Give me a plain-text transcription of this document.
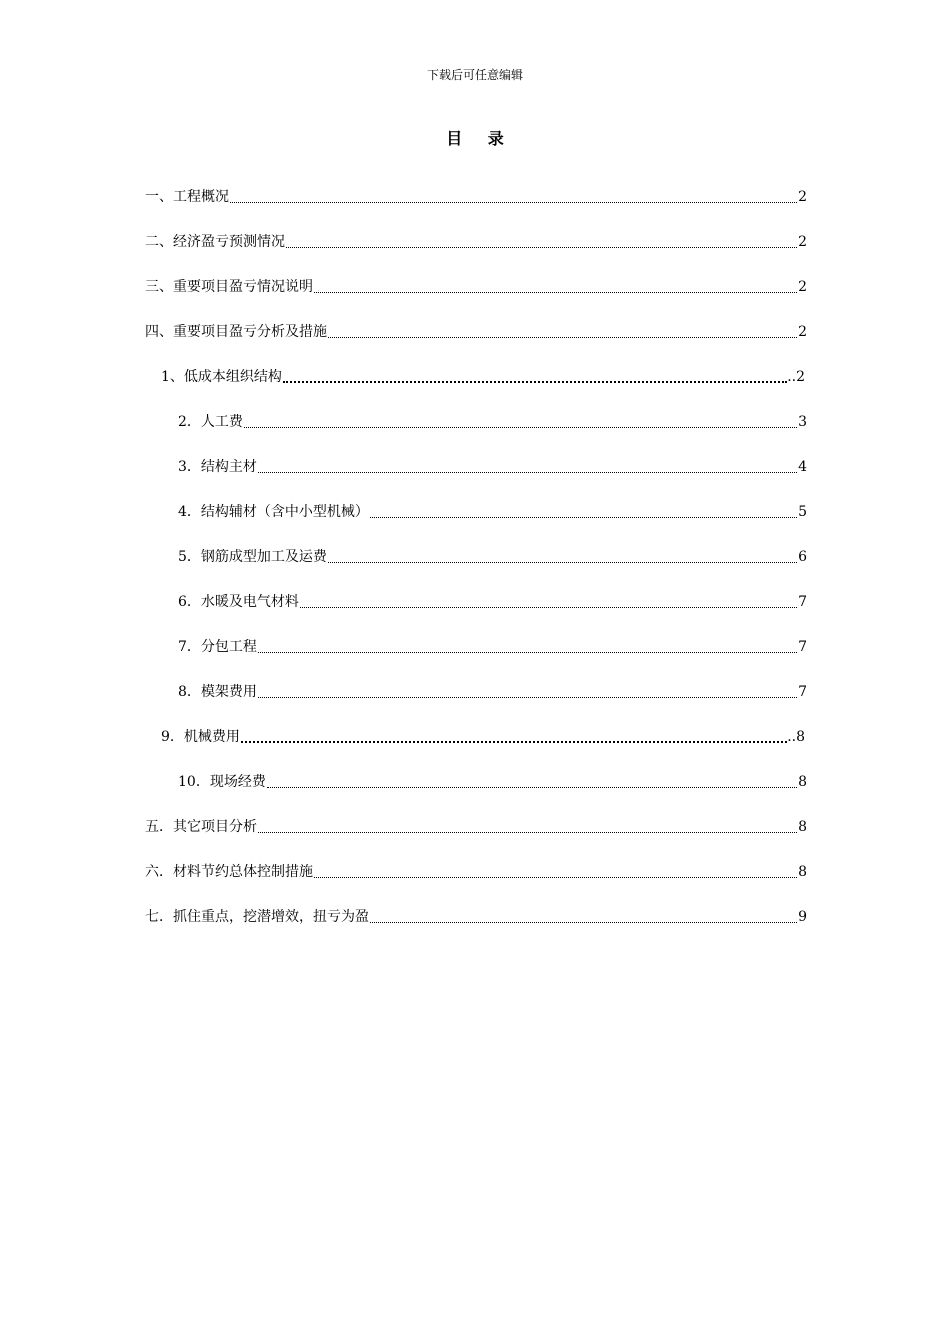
下载后可任意编辑
目 录
一、工程概况	2
二、经济盈亏预测情况	2
三、重要项目盈亏情况说明	2
四、重要项目盈亏分析及措施	2
1、低成本组织结构	..2
2．人工费	3
3．结构主材	4
4．结构辅材（含中小型机械）	5
5．钢筋成型加工及运费	6
6．水暖及电气材料	7
7．分包工程	7
8．模架费用	7
9．机械费用	..8
10．现场经费	8
五．其它项目分析	8
六．材料节约总体控制措施	8
七．抓住重点，挖潜增效，扭亏为盈	9
